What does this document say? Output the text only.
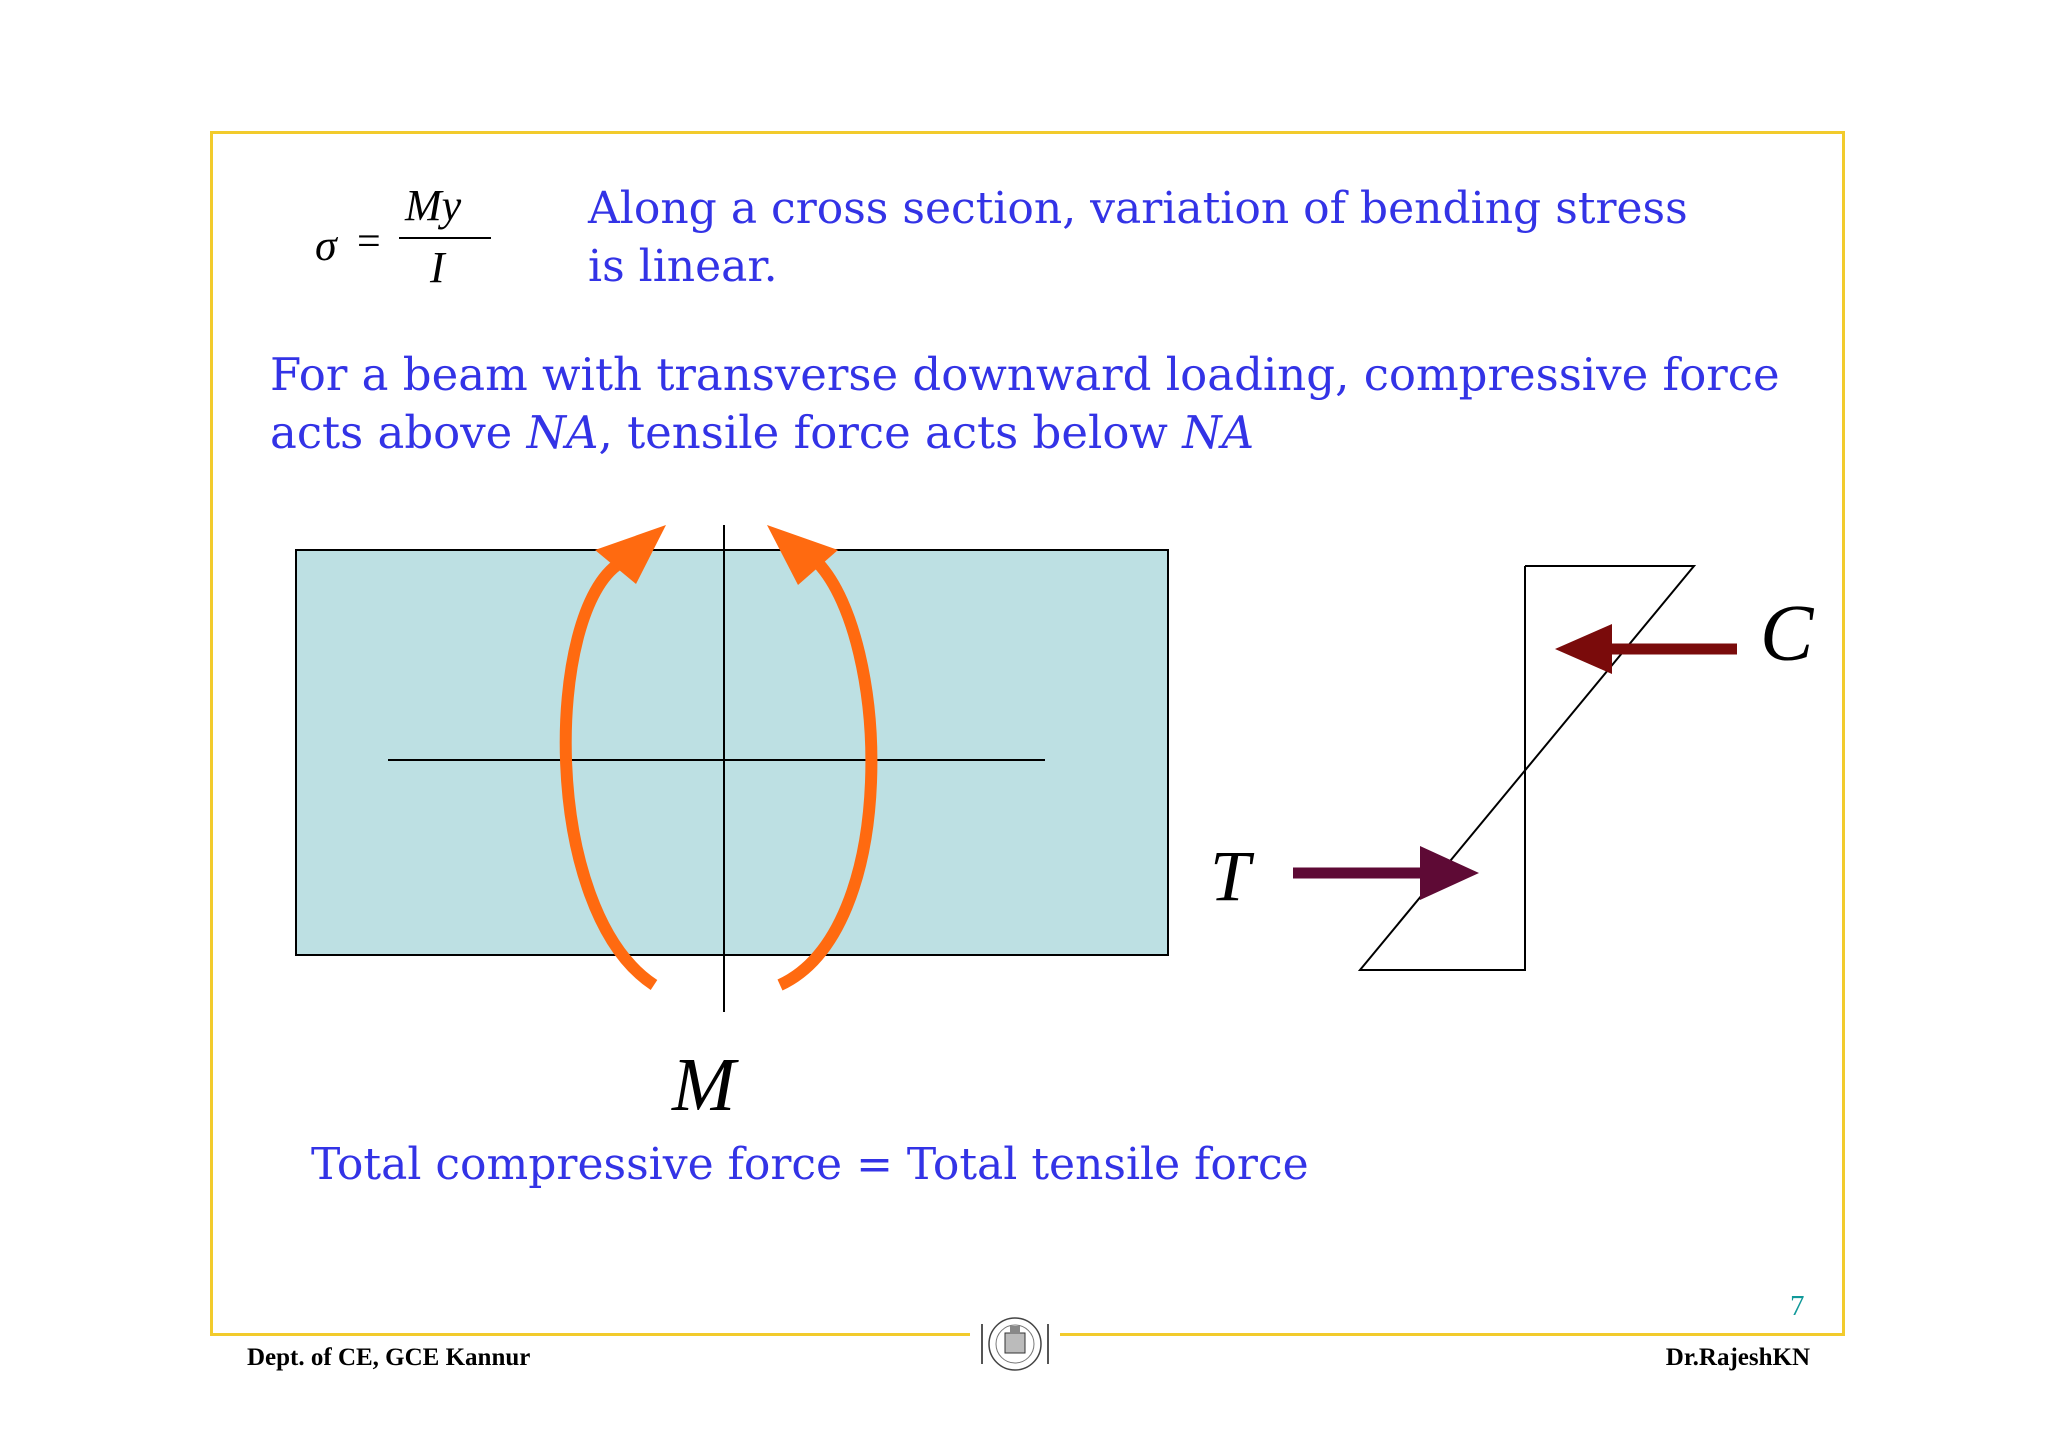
σ =
My
I

Along a cross section, variation of bending stress is linear.

For a beam with transverse downward loading, compressive force
acts above NA, tensile force acts below NA

M
T
C

Total compressive force = Total tensile force

7
Dept. of CE, GCE Kannur	Dr.RajeshKN
